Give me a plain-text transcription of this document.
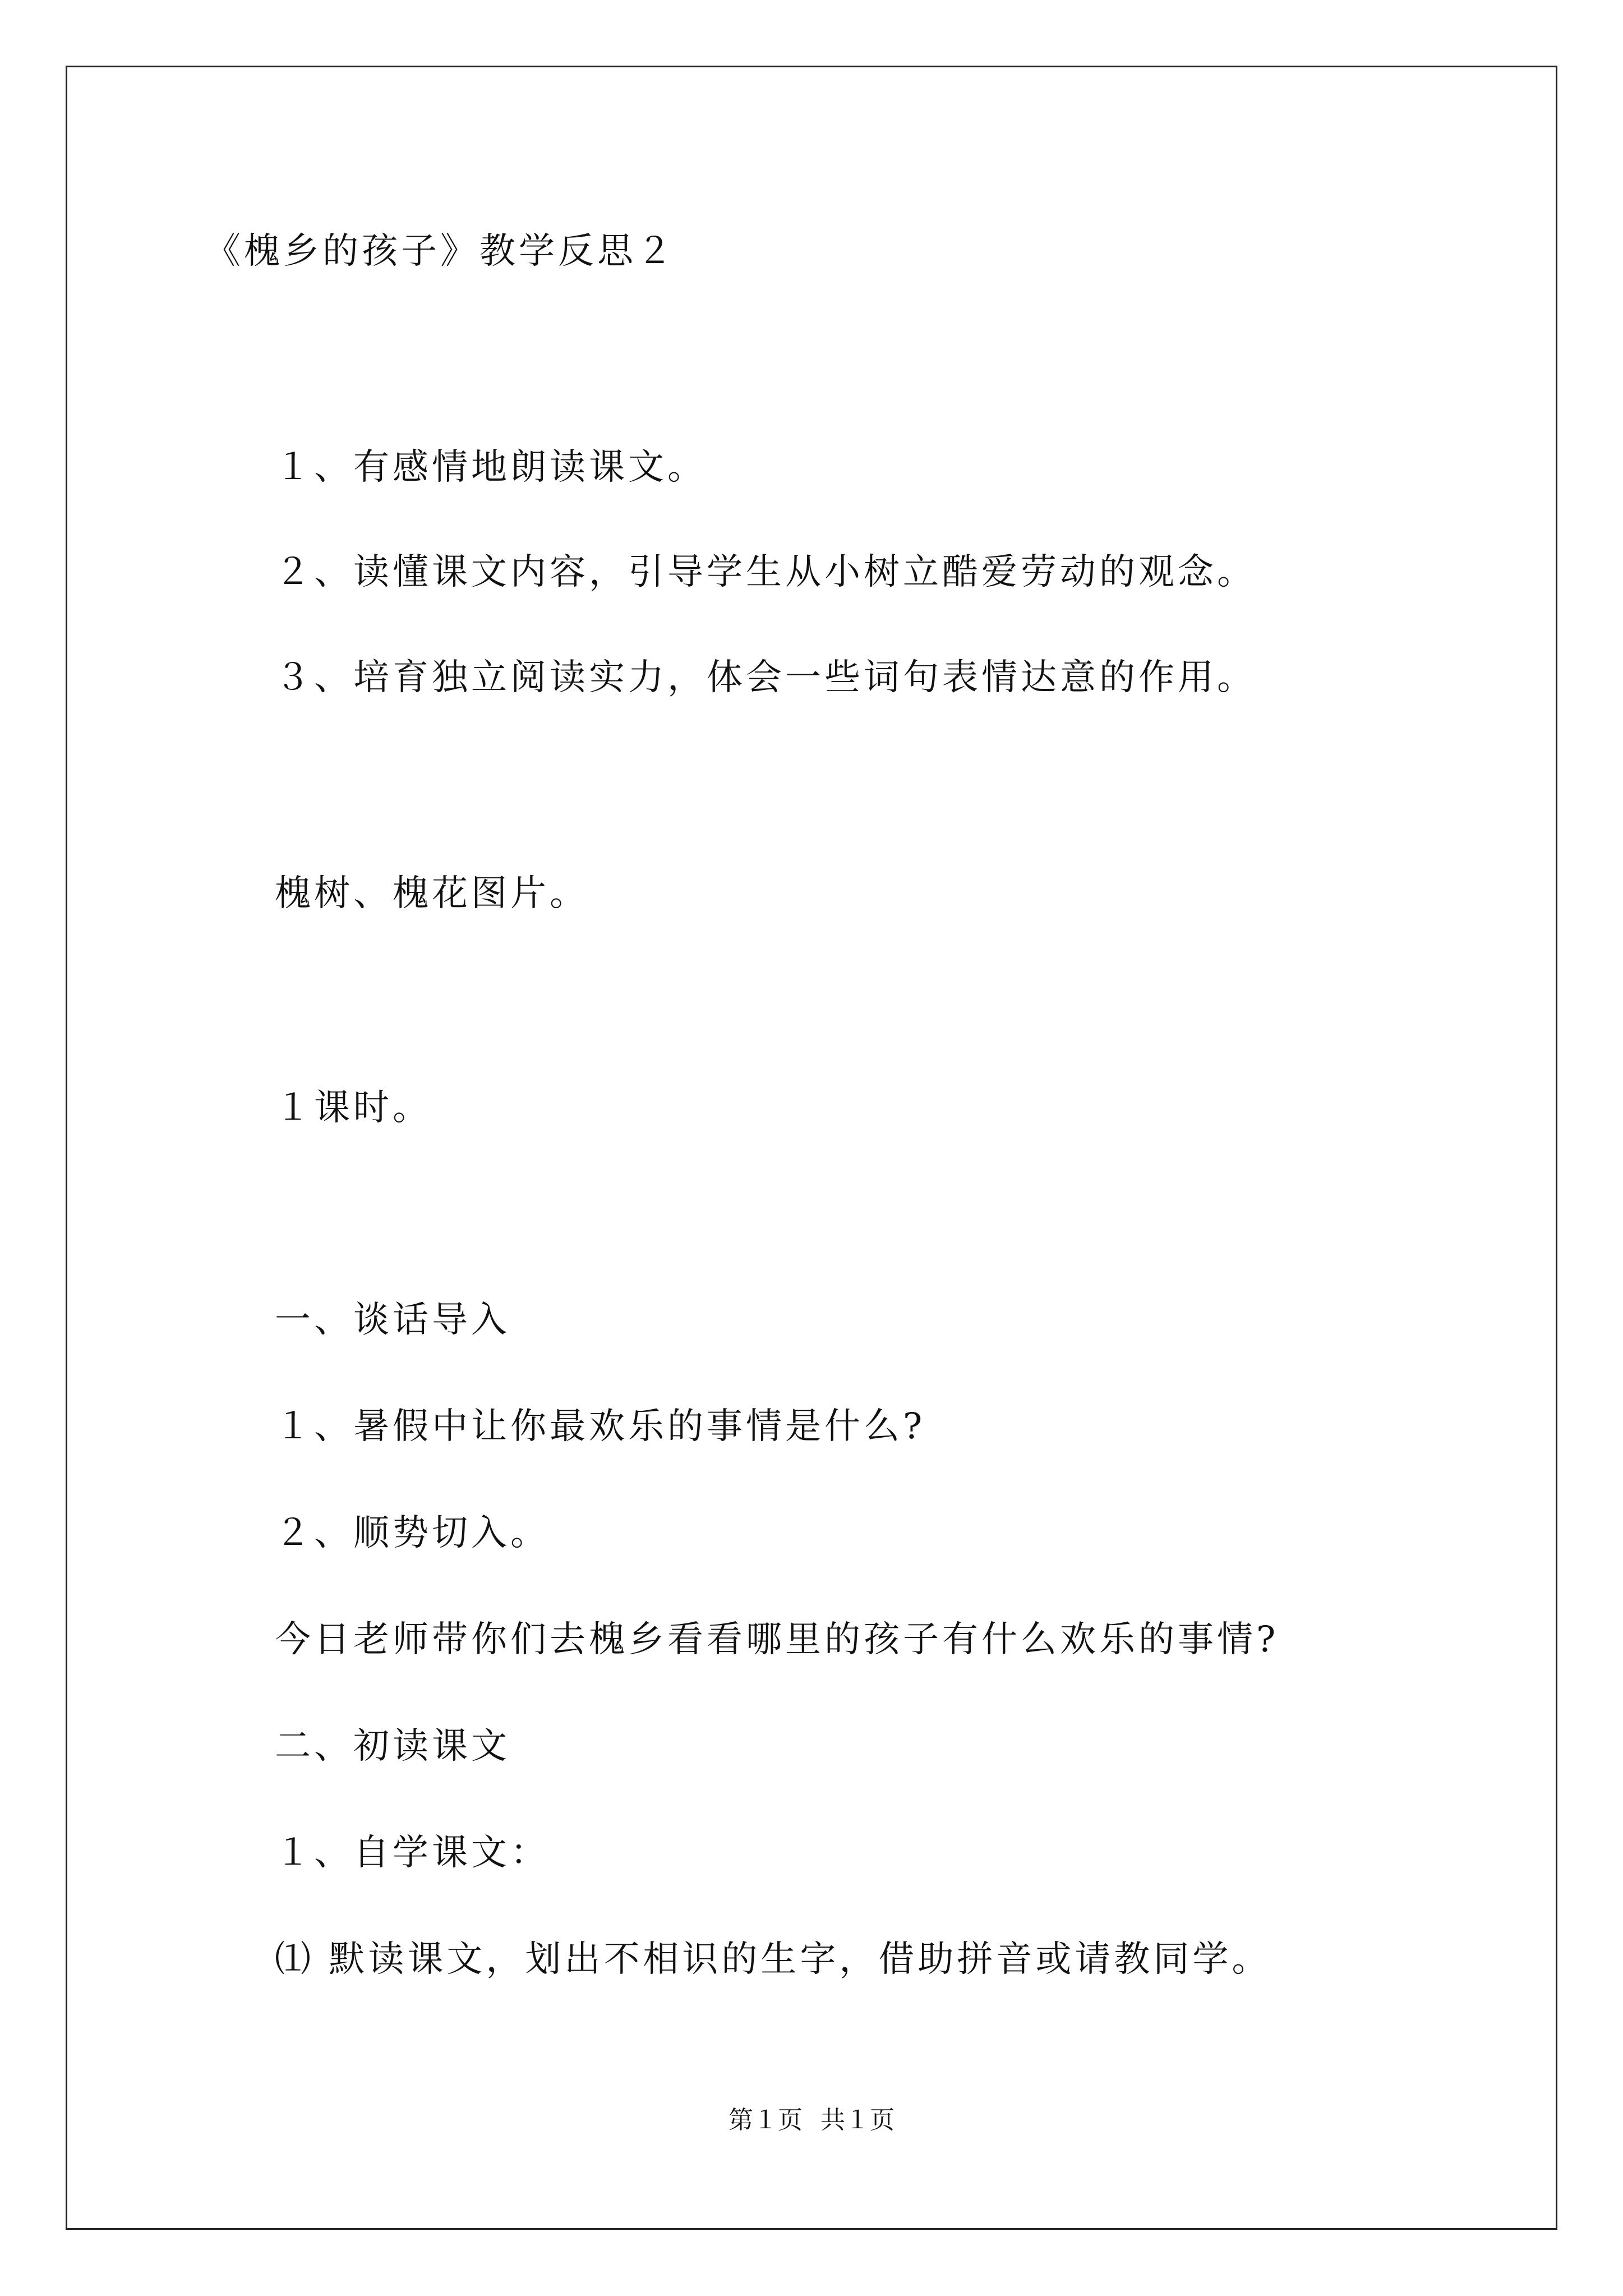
《槐乡的孩子》教学反思２
１、有感情地朗读课文。
２、读懂课文内容，引导学生从小树立酷爱劳动的观念。
３、培育独立阅读实力，体会一些词句表情达意的作用。
槐树、槐花图片。
１课时。
一、谈话导入
１、暑假中让你最欢乐的事情是什么?
２、顺势切入。
今日老师带你们去槐乡看看哪里的孩子有什么欢乐的事情?
二、初读课文
１、自学课文：
⑴ 默读课文，划出不相识的生字，借助拼音或请教同学。
第１页 共１页
